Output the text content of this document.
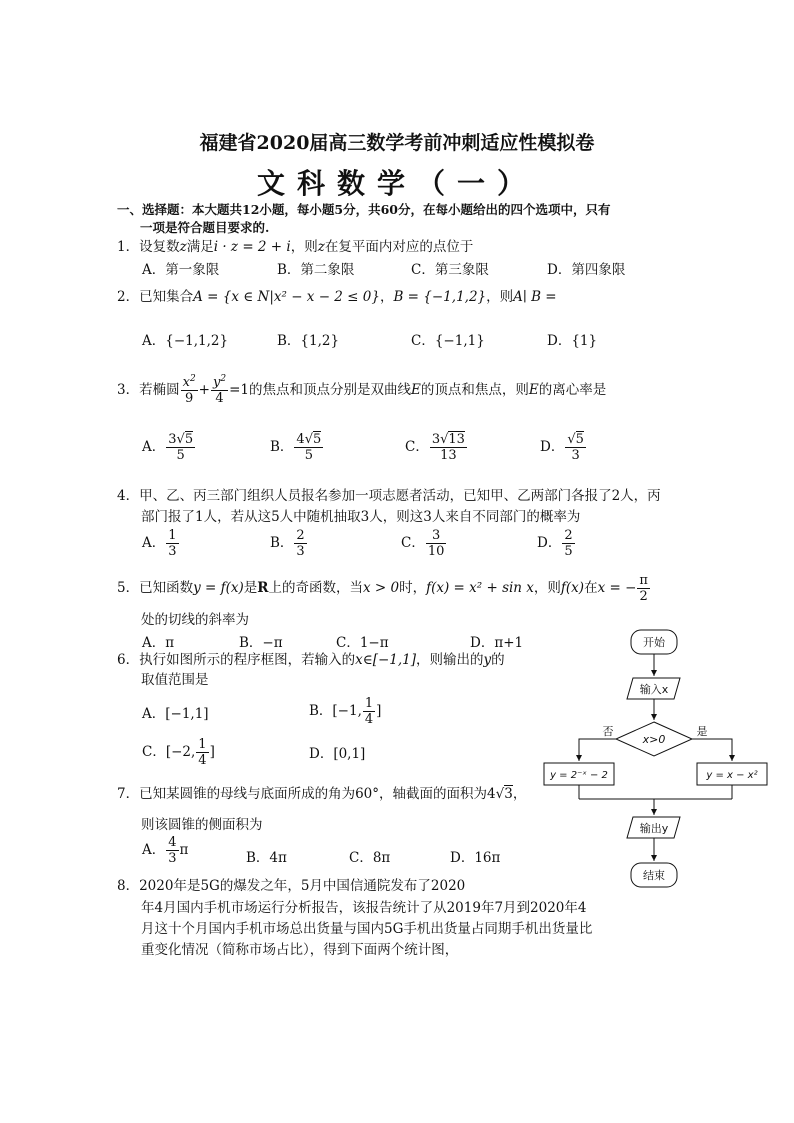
福建省2020届高三数学考前冲刺适应性模拟卷
文科数学（一）
一、选择题：本大题共12小题，每小题5分，共60分，在每小题给出的四个选项中，只有
一项是符合题目要求的.
1．设复数z满足i · z = 2 + i，则z在复平面内对应的点位于
A．第一象限	B．第二象限	C．第三象限	D．第四象限
2．已知集合A = {x ∈ N|x² − x − 2 ≤ 0}，B = {−1,1,2}，则A∣ B =
A．{−1,1,2}	B．{1,2}	C．{−1,1}	D．{1}
3．若椭圆 $\frac{x^2}{9} + \frac{y^2}{4} =1$的焦点和顶点分别是双曲线E的顶点和焦点，则E的离心率是
A． $\frac{3√5}{5}$	B． $\frac{4√5}{5}$	C． $\frac{3√13}{13}$	D． $\frac{√5}{3}$
4．甲、乙、丙三部门组织人员报名参加一项志愿者活动，已知甲、乙两部门各报了2人，丙
部门报了1人，若从这5人中随机抽取3人，则这3人来自不同部门的概率为
A． $\frac{1}{3}$	B． $\frac{2}{3}$	C． $\frac{3}{10}$	D． $\frac{2}{5}$
5．已知函数y = f(x)是R上的奇函数，当x > 0时，f(x) = x² + sin x，则f(x)在x = − $\frac{\pi}{2}$
处的切线的斜率为
A．π	B．−π	C．1−π	D．π+1
6．执行如图所示的程序框图，若输入的x∈[−1,1]，则输出的y的
取值范围是
A．[−1,1]	B．[−1, $\frac{1}{4}$ ]
C．[−2, $\frac{1}{4}$ ]	D．[0,1]
开始
输入x
x>0
否	是
y = 2⁻ˣ − 2	y = x − x²
输出y
结束
7．已知某圆锥的母线与底面所成的角为60°，轴截面的面积为4√3，
则该圆锥的侧面积为
A． $\frac{4}{3}$ π	B．4π	C．8π	D．16π
8．2020年是5G的爆发之年，5月中国信通院发布了2020
年4月国内手机市场运行分析报告，该报告统计了从2019年7月到2020年4
月这十个月国内手机市场总出货量与国内5G手机出货量占同期手机出货量比
重变化情况（简称市场占比），得到下面两个统计图，
